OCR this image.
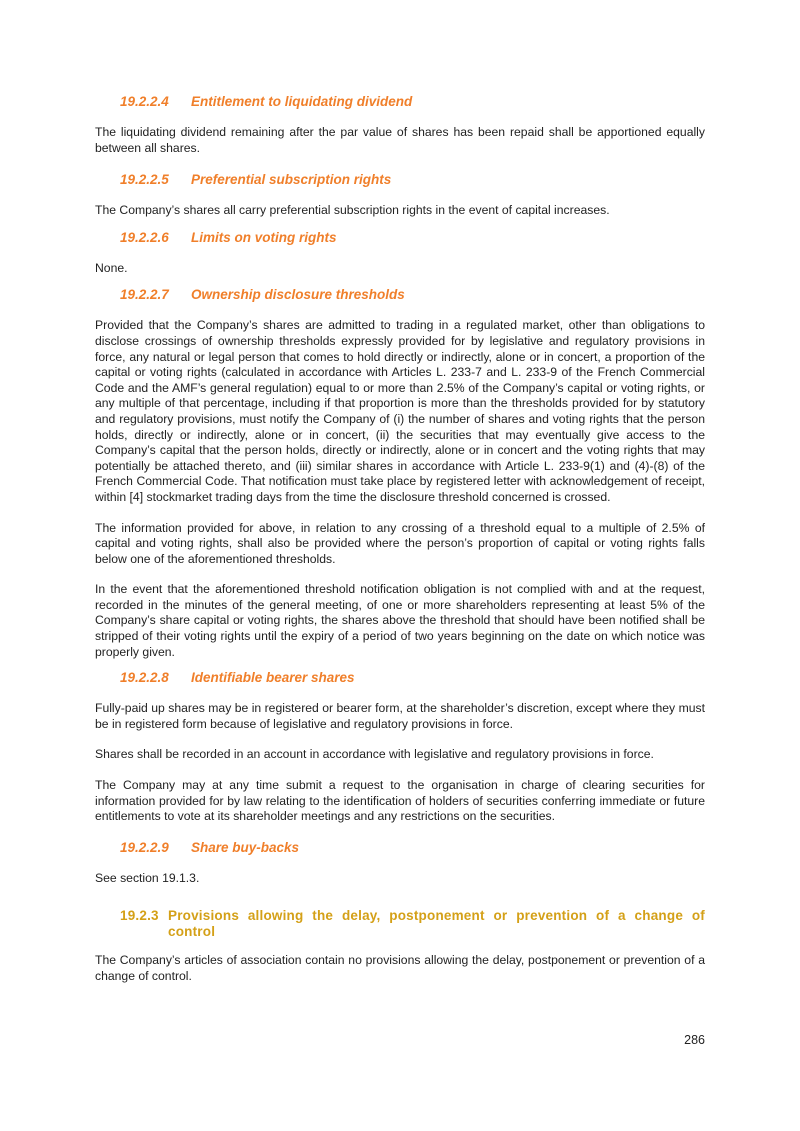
19.2.2.4	Entitlement to liquidating dividend

The liquidating dividend remaining after the par value of shares has been repaid shall be apportioned equally between all shares.

19.2.2.5	Preferential subscription rights

The Company’s shares all carry preferential subscription rights in the event of capital increases.

19.2.2.6	Limits on voting rights

None.

19.2.2.7	Ownership disclosure thresholds

Provided that the Company’s shares are admitted to trading in a regulated market, other than obligations to disclose crossings of ownership thresholds expressly provided for by legislative and regulatory provisions in force, any natural or legal person that comes to hold directly or indirectly, alone or in concert, a proportion of the capital or voting rights (calculated in accordance with Articles L. 233-7 and L. 233-9 of the French Commercial Code and the AMF’s general regulation) equal to or more than 2.5% of the Company’s capital or voting rights, or any multiple of that percentage, including if that proportion is more than the thresholds provided for by statutory and regulatory provisions, must notify the Company of (i) the number of shares and voting rights that the person holds, directly or indirectly, alone or in concert, (ii) the securities that may eventually give access to the Company’s capital that the person holds, directly or indirectly, alone or in concert and the voting rights that may potentially be attached thereto, and (iii) similar shares in accordance with Article L. 233-9(1) and (4)-(8) of the French Commercial Code. That notification must take place by registered letter with acknowledgement of receipt, within [4] stockmarket trading days from the time the disclosure threshold concerned is crossed.

The information provided for above, in relation to any crossing of a threshold equal to a multiple of 2.5% of capital and voting rights, shall also be provided where the person’s proportion of capital or voting rights falls below one of the aforementioned thresholds.

In the event that the aforementioned threshold notification obligation is not complied with and at the request, recorded in the minutes of the general meeting, of one or more shareholders representing at least 5% of the Company’s share capital or voting rights, the shares above the threshold that should have been notified shall be stripped of their voting rights until the expiry of a period of two years beginning on the date on which notice was properly given.

19.2.2.8	Identifiable bearer shares

Fully-paid up shares may be in registered or bearer form, at the shareholder’s discretion, except where they must be in registered form because of legislative and regulatory provisions in force.

Shares shall be recorded in an account in accordance with legislative and regulatory provisions in force.

The Company may at any time submit a request to the organisation in charge of clearing securities for information provided for by law relating to the identification of holders of securities conferring immediate or future entitlements to vote at its shareholder meetings and any restrictions on the securities.

19.2.2.9	Share buy-backs

See section 19.1.3.

19.2.3 Provisions allowing the delay, postponement or prevention of a change of control

The Company’s articles of association contain no provisions allowing the delay, postponement or prevention of a change of control.

286
